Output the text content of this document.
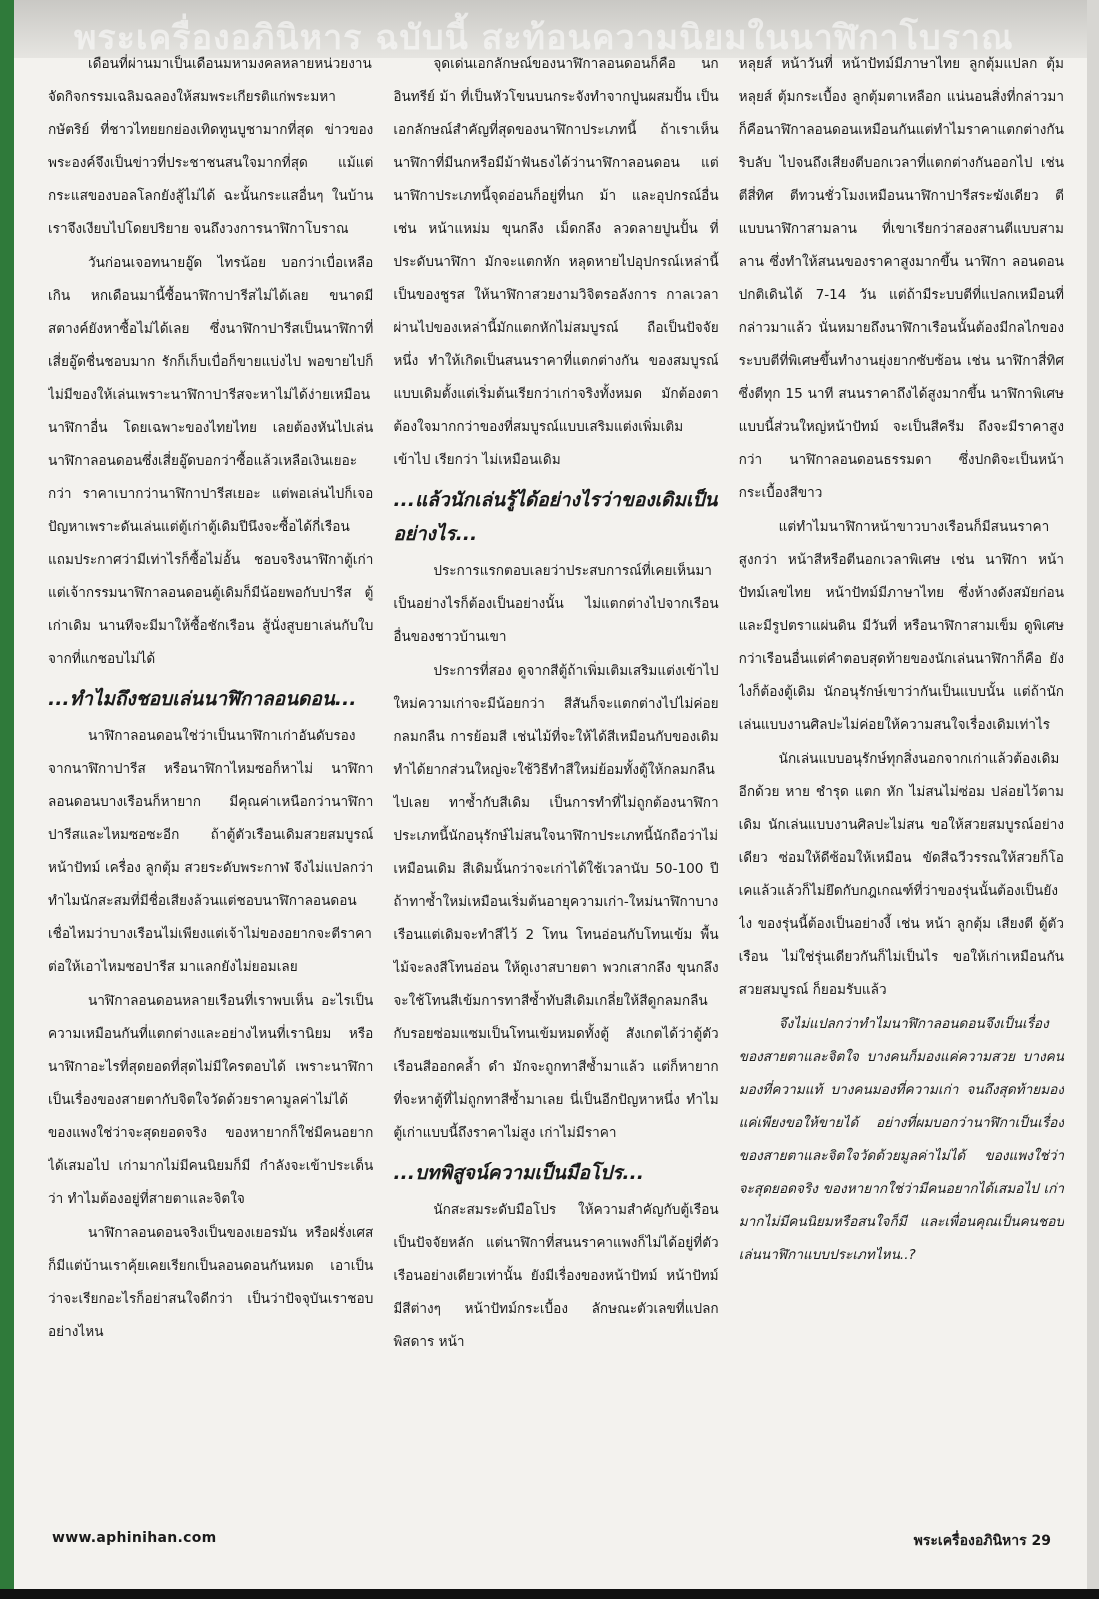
พระเครื่องอภินิหาร ฉบับนี้ สะท้อนความนิยมในนาฬิกาโบราณ

เดือนที่ผ่านมาเป็นเดือนมหามงคลหลายหน่วยงานจัดกิจกรรมเฉลิมฉลองให้สมพระเกียรติแก่พระมหากษัตริย์ ที่ชาวไทยยกย่องเทิดทูนบูชามากที่สุด ข่าวของพระองค์จึงเป็นข่าวที่ประชาชนสนใจมากที่สุด แม้แต่กระแสของบอลโลกยังสู้ไม่ได้ ฉะนั้นกระแสอื่นๆ ในบ้านเราจึงเงียบไปโดยปริยาย จนถึงวงการนาฬิกาโบราณ

วันก่อนเจอทนายอู๊ด ไทรน้อย บอกว่าเบื่อเหลือเกิน หกเดือนมานี้ซื้อนาฬิกาปารีสไม่ได้เลย ขนาดมีสตางค์ยังหาซื้อไม่ได้เลย ซึ่งนาฬิกาปารีสเป็นนาฬิกาที่เสี่ยอู๊ดชื่นชอบมาก รักก็เก็บเบื่อก็ขายแบ่งไป พอขายไปก็ไม่มีของให้เล่นเพราะนาฬิกาปารีสจะหาไม่ได้ง่ายเหมือนนาฬิกาอื่น โดยเฉพาะของไทยไทย เลยต้องหันไปเล่นนาฬิกาลอนดอนซึ่งเสี่ยอู๊ดบอกว่าซื้อแล้วเหลือเงินเยอะกว่า ราคาเบากว่านาฬิกาปารีสเยอะ แต่พอเล่นไปก็เจอปัญหาเพราะดันเล่นแต่ตู้เก่าตู้เดิมปีนึงจะซื้อได้กี่เรือนแถมประกาศว่ามีเท่าไรก็ซื้อไม่อั้น ชอบจริงนาฬิกาตู้เก่า แต่เจ้ากรรมนาฬิกาลอนดอนตู้เดิมก็มีน้อยพอกับปารีส ตู้เก่าเดิม นานทีจะมีมาให้ซื้อชักเรือน สู้นั่งสูบยาเล่นกับใบจากที่แกชอบไม่ได้

...ทำไมถึงชอบเล่นนาฬิกาลอนดอน...

นาฬิกาลอนดอนใช่ว่าเป็นนาฬิกาเก่าอันดับรองจากนาฬิกาปารีส หรือนาฬิกาไหมซอก็หาไม่ นาฬิกาลอนดอนบางเรือนก็หายาก มีคุณค่าเหนือกว่านาฬิกาปารีสและไหมซอซะอีก ถ้าตู้ตัวเรือนเดิมสวยสมบูรณ์ หน้าปัทม์ เครื่อง ลูกตุ้ม สวยระดับพระกาฬ จึงไม่แปลกว่าทำไมนักสะสมที่มีชื่อเสียงล้วนแต่ชอบนาฬิกาลอนดอน เชื่อไหมว่าบางเรือนไม่เพียงแต่เจ้าไม่ของอยากจะตีราคาต่อให้เอาไหมซอปารีส มาแลกยังไม่ยอมเลย

นาฬิกาลอนดอนหลายเรือนที่เราพบเห็น อะไรเป็นความเหมือนกันที่แตกต่างและอย่างไหนที่เรานิยม หรือนาฬิกาอะไรที่สุดยอดที่สุดไม่มีใครตอบได้ เพราะนาฬิกาเป็นเรื่องของสายตากับจิตใจวัดด้วยราคามูลค่าไม่ได้ ของแพงใช่ว่าจะสุดยอดจริง ของหายากก็ใช่มีคนอยากได้เสมอไป เก่ามากไม่มีคนนิยมก็มี กำลังจะเข้าประเด็นว่า ทำไมต้องอยู่ที่สายตาและจิตใจ

นาฬิกาลอนดอนจริงเป็นของเยอรมัน หรือฝรั่งเศสก็มีแต่บ้านเราคุ้ยเคยเรียกเป็นลอนดอนกันหมด เอาเป็นว่าจะเรียกอะไรก็อย่าสนใจดีกว่า เป็นว่าปัจจุบันเราชอบอย่างไหน

จุดเด่นเอกลักษณ์ของนาฬิกาลอนดอนก็คือ นกอินทรีย์ ม้า ที่เป็นหัวโขนบนกระจังทำจากปูนผสมปั้น เป็นเอกลักษณ์สำคัญที่สุดของนาฬิกาประเภทนี้ ถ้าเราเห็นนาฬิกาที่มีนกหรือมีม้าฟันธงได้ว่านาฬิกาลอนดอน แต่นาฬิกาประเภทนี้จุดอ่อนก็อยู่ที่นก ม้า และอุปกรณ์อื่นเช่น หน้าแหม่ม ขุนกลึง เม็ดกลึง ลวดลายปูนปั้น ที่ประดับนาฬิกา มักจะแตกหัก หลุดหายไปอุปกรณ์เหล่านี้เป็นของชูรส ให้นาฬิกาสวยงามวิจิตรอลังการ กาลเวลาผ่านไปของเหล่านี้มักแตกหักไม่สมบูรณ์ ถือเป็นปัจจัยหนึ่ง ทำให้เกิดเป็นสนนราคาที่แตกต่างกัน ของสมบูรณ์แบบเดิมตั้งแต่เริ่มต้นเรียกว่าเก่าจริงทั้งหมด มักต้องตาต้องใจมากกว่าของที่สมบูรณ์แบบเสริมแต่งเพิ่มเติมเข้าไป เรียกว่า ไม่เหมือนเดิม

...แล้วนักเล่นรู้ได้อย่างไรว่าของเดิมเป็นอย่างไร...

ประการแรกตอบเลยว่าประสบการณ์ที่เคยเห็นมาเป็นอย่างไรก็ต้องเป็นอย่างนั้น ไม่แตกต่างไปจากเรือนอื่นของชาวบ้านเขา

ประการที่สอง ดูจากสีตู้ถ้าเพิ่มเติมเสริมแต่งเข้าไปใหม่ความเก่าจะมีน้อยกว่า สีสันก็จะแตกต่างไปไม่ค่อยกลมกลืน การย้อมสี เช่นไม้ที่จะให้ได้สีเหมือนกับของเดิมทำได้ยากส่วนใหญ่จะใช้วิธีทำสีใหม่ย้อมทั้งตู้ให้กลมกลืนไปเลย ทาซ้ำกับสีเดิม เป็นการทำที่ไม่ถูกต้องนาฬิกาประเภทนี้นักอนุรักษ์ไม่สนใจนาฬิกาประเภทนี้นักถือว่าไม่เหมือนเดิม สีเดิมนั้นกว่าจะเก่าได้ใช้เวลานับ 50-100 ปี ถ้าทาซ้ำใหม่เหมือนเริ่มต้นอายุความเก่า-ใหม่นาฬิกาบางเรือนแต่เดิมจะทำสีไว้ 2 โทน โทนอ่อนกับโทนเข้ม พื้นไม้จะลงสีโทนอ่อน ให้ดูเงาสบายตา พวกเสากลึง ขุนกลึง จะใช้โทนสีเข้มการทาสีซ้ำทับสีเดิมเกลี่ยให้สีดูกลมกลืนกับรอยซ่อมแซมเป็นโทนเข้มหมดทั้งตู้ สังเกตได้ว่าตู้ตัวเรือนสีออกคล้ำ ดำ มักจะถูกทาสีซ้ำมาแล้ว แต่ก็หายาก ที่จะหาตู้ที่ไม่ถูกทาสีซ้ำมาเลย นี่เป็นอีกปัญหาหนึ่ง ทำไมตู้เก่าแบบนี้ถึงราคาไม่สูง เก่าไม่มีราคา

...บทพิสูจน์ความเป็นมือโปร...

นักสะสมระดับมือโปร ให้ความสำคัญกับตู้เรือนเป็นปัจจัยหลัก แต่นาฬิกาที่สนนราคาแพงก็ไม่ได้อยู่ที่ตัวเรือนอย่างเดียวเท่านั้น ยังมีเรื่องของหน้าปัทม์ หน้าปัทม์มีสีต่างๆ หน้าปัทม์กระเบื้อง ลักษณะตัวเลขที่แปลกพิสดาร หน้า

หลุยส์ หน้าวันที่ หน้าปัทม์มีภาษาไทย ลูกตุ้มแปลก ตุ้มหลุยส์ ตุ้มกระเบื้อง ลูกตุ้มตาเหลือก แน่นอนสิ่งที่กล่าวมาก็คือนาฬิกาลอนดอนเหมือนกันแต่ทำไมราคาแตกต่างกันริบลับ ไปจนถึงเสียงตีบอกเวลาที่แตกต่างกันออกไป เช่นตีสี่ทิศ ตีทวนชั่วโมงเหมือนนาฬิกาปารีสระฆังเดียว ตีแบบนาฬิกาสามลาน ที่เขาเรียกว่าสองสานตีแบบสามลาน ซึ่งทำให้สนนของราคาสูงมากขึ้น นาฬิกา ลอนดอนปกติเดินได้ 7-14 วัน แต่ถ้ามีระบบตีที่แปลกเหมือนที่กล่าวมาแล้ว นั่นหมายถึงนาฬิกาเรือนนั้นต้องมีกลไกของระบบตีที่พิเศษขึ้นทำงานยุ่งยากซับซ้อน เช่น นาฬิกาสี่ทิศ ซึ่งตีทุก 15 นาที สนนราคาถึงได้สูงมากขึ้น นาฬิกาพิเศษแบบนี้ส่วนใหญ่หน้าปัทม์ จะเป็นสีครีม ถึงจะมีราคาสูงกว่า นาฬิกาลอนดอนธรรมดา ซึ่งปกติจะเป็นหน้ากระเบื้องสีขาว

แต่ทำไมนาฬิกาหน้าขาวบางเรือนก็มีสนนราคาสูงกว่า หน้าสีหรือตีนอกเวลาพิเศษ เช่น นาฬิกา หน้าปัทม์เลขไทย หน้าปัทม์มีภาษาไทย ซึ่งห้างดังสมัยก่อน และมีรูปตราแผ่นดิน มีวันที่ หรือนาฬิกาสามเข็ม ดูพิเศษกว่าเรือนอื่นแต่คำตอบสุดท้ายของนักเล่นนาฬิกาก็คือ ยังไงก็ต้องตู้เดิม นักอนุรักษ์เขาว่ากันเป็นแบบนั้น แต่ถ้านักเล่นแบบงานศิลปะไม่ค่อยให้ความสนใจเรื่องเดิมเท่าไร

นักเล่นแบบอนุรักษ์ทุกสิ่งนอกจากเก่าแล้วต้องเดิมอีกด้วย หาย ชำรุด แตก หัก ไม่สนไม่ซ่อม ปล่อยไว้ตามเดิม นักเล่นแบบงานศิลปะไม่สน ขอให้สวยสมบูรณ์อย่างเดียว ซ่อมให้ดีซ้อมให้เหมือน ขัดสีฉวีวรรณให้สวยก็โอเคแล้วแล้วก็ไม่ยึดกับกฎเกณฑ์ที่ว่าของรุ่นนั้นต้องเป็นยังไง ของรุ่นนี้ต้องเป็นอย่างงี้ เช่น หน้า ลูกตุ้ม เสียงตี ตู้ตัวเรือน ไม่ใช่รุ่นเดียวกันก็ไม่เป็นไร ขอให้เก่าเหมือนกัน สวยสมบูรณ์ ก็ยอมรับแล้ว

จึงไม่แปลกว่าทำไมนาฬิกาลอนดอนจึงเป็นเรื่องของสายตาและจิตใจ บางคนก็มองแค่ความสวย บางคนมองที่ความแท้ บางคนมองที่ความเก่า จนถึงสุดท้ายมองแค่เพียงขอให้ขายได้ อย่างที่ผมบอกว่านาฬิกาเป็นเรื่องของสายตาและจิตใจวัดด้วยมูลค่าไม่ได้ ของแพงใช่ว่าจะสุดยอดจริง ของหายากใช่ว่ามีคนอยากได้เสมอไป เก่ามากไม่มีคนนิยมหรือสนใจก็มี และเพื่อนคุณเป็นคนชอบเล่นนาฬิกาแบบประเภทไหน..?

www.aphinihan.com	พระเครื่องอภินิหาร 29
